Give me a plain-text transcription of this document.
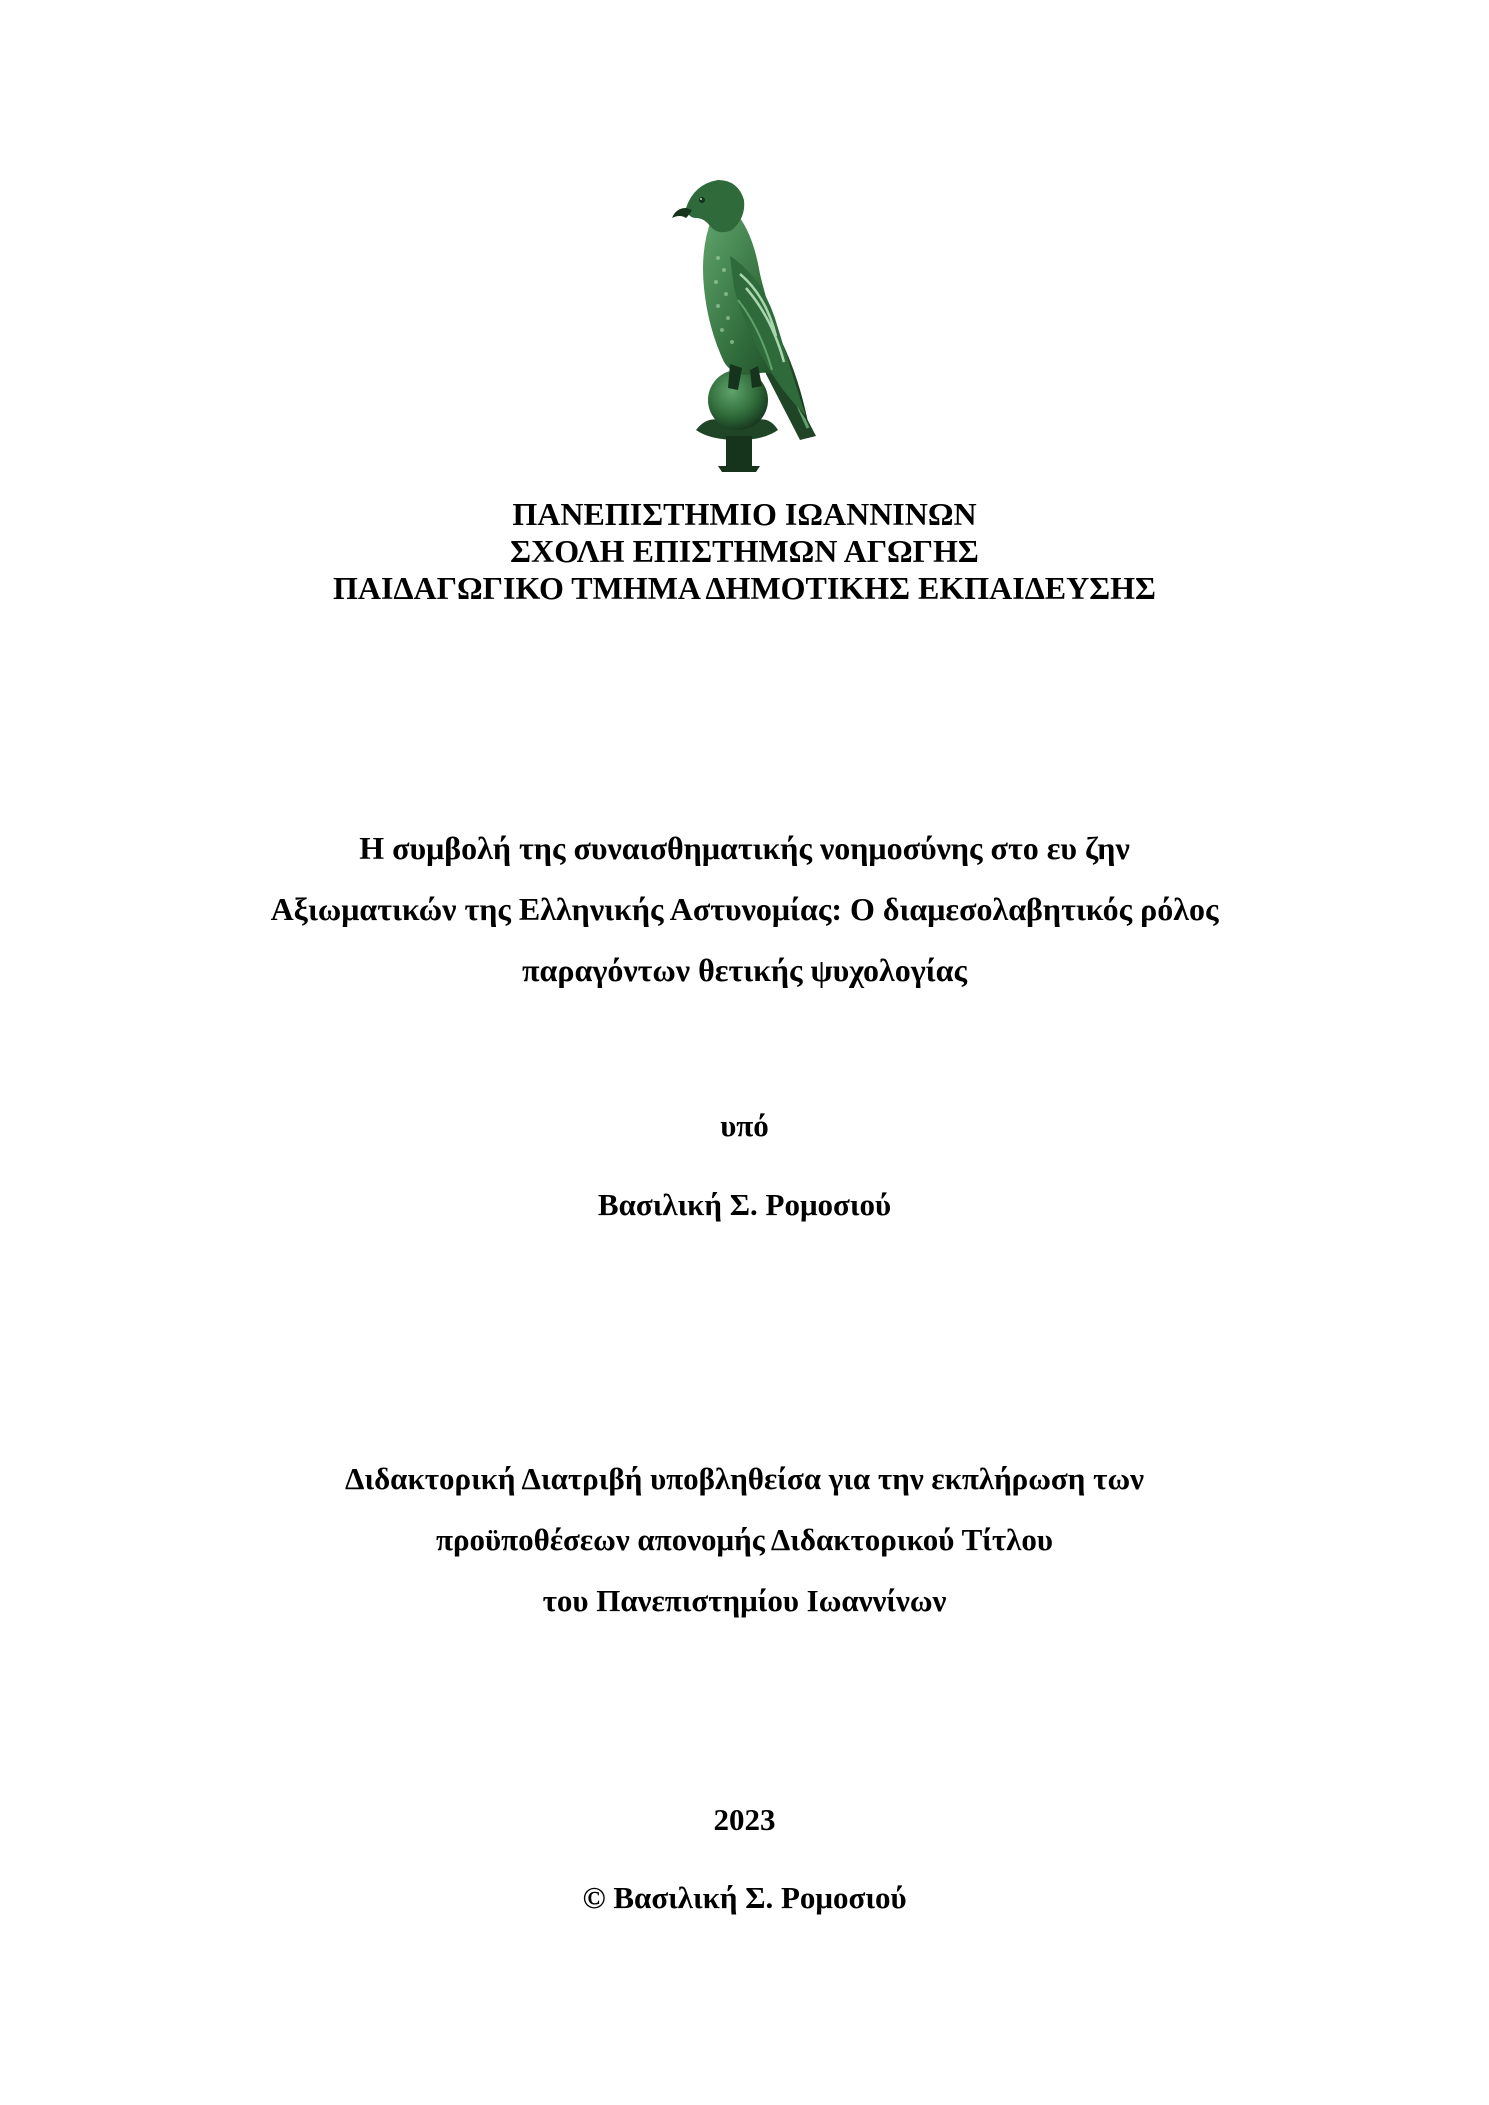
ΠΑΝΕΠΙΣΤΗΜΙΟ ΙΩΑΝΝΙΝΩΝ
ΣΧΟΛΗ ΕΠΙΣΤΗΜΩΝ ΑΓΩΓΗΣ
ΠΑΙΔΑΓΩΓΙΚΟ ΤΜΗΜΑ ΔΗΜΟΤΙΚΗΣ ΕΚΠΑΙΔΕΥΣΗΣ
Η συμβολή της συναισθηματικής νοημοσύνης στο ευ ζην
Αξιωματικών της Ελληνικής Αστυνομίας: Ο διαμεσολαβητικός ρόλος
παραγόντων θετικής ψυχολογίας
υπό
Βασιλική Σ. Ρομοσιού
Διδακτορική Διατριβή υποβληθείσα για την εκπλήρωση των
προϋποθέσεων απονομής Διδακτορικού Τίτλου
του Πανεπιστημίου Ιωαννίνων
2023
© Βασιλική Σ. Ρομοσιού
